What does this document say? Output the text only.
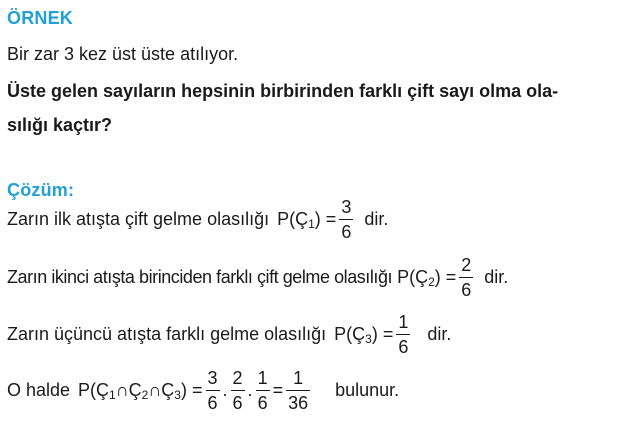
ÖRNEK
Bir zar 3 kez üst üste atılıyor.
Üste gelen sayıların hepsinin birbirinden farklı çift sayı olma ola-
sılığı kaçtır?
Çözüm:
Zarın ilk atışta çift gelme olasılığı $P(Ç_1) = \frac{3}{6}$ dir.
Zarın ikinci atışta birinciden farklı çift gelme olasılığı $P(Ç_2) = \frac{2}{6}$ dir.
Zarın üçüncü atışta farklı gelme olasılığı $P(Ç_3) = \frac{1}{6}$ dir.
O halde $P(Ç_1\cap Ç_2\cap Ç_3) = \frac{3}{6}$ . $\frac{2}{6}$ . $\frac{1}{6} = \frac{1}{36}$ bulunur.
